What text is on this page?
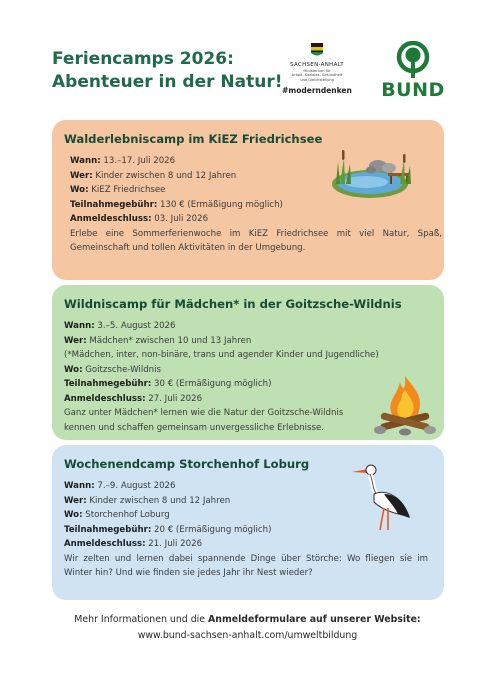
Feriencamps 2026:
Abenteuer in der Natur!
SACHSEN-ANHALT
Ministerium für
Arbeit, Soziales, Gesundheit
und Gleichstellung
#moderndenken BUND
Walderlebniscamp im KiEZ Friedrichsee
Wann: 13.–17. Juli 2026
Wer: Kinder zwischen 8 und 12 Jahren
Wo: KiEZ Friedrichsee
Teilnahmegebühr: 130 € (Ermäßigung möglich)
Anmeldeschluss: 03. Juli 2026
Erlebe eine Sommerferienwoche im KiEZ Friedrichsee mit viel Natur, Spaß, Gemeinschaft und tollen Aktivitäten in der Umgebung.
Wildniscamp für Mädchen* in der Goitzsche-Wildnis
Wann: 3.–5. August 2026
Wer: Mädchen* zwischen 10 und 13 Jahren
(*Mädchen, inter, non-binäre, trans und agender Kinder und Jugendliche)
Wo: Goitzsche-Wildnis
Teilnahmegebühr: 30 € (Ermäßigung möglich)
Anmeldeschluss: 27. Juli 2026
Ganz unter Mädchen* lernen wie die Natur der Goitzsche-Wildnis kennen und schaffen gemeinsam unvergessliche Erlebnisse.
Wochenendcamp Storchenhof Loburg
Wann: 7.–9. August 2026
Wer: Kinder zwischen 8 und 12 Jahren
Wo: Storchenhof Loburg
Teilnahmegebühr: 20 € (Ermäßigung möglich)
Anmeldeschluss: 21. Juli 2026
Wir zelten und lernen dabei spannende Dinge über Störche: Wo fliegen sie im Winter hin? Und wie finden sie jedes Jahr ihr Nest wieder?
Mehr Informationen und die Anmeldeformulare auf unserer Website:
www.bund-sachsen-anhalt.com/umweltbildung
